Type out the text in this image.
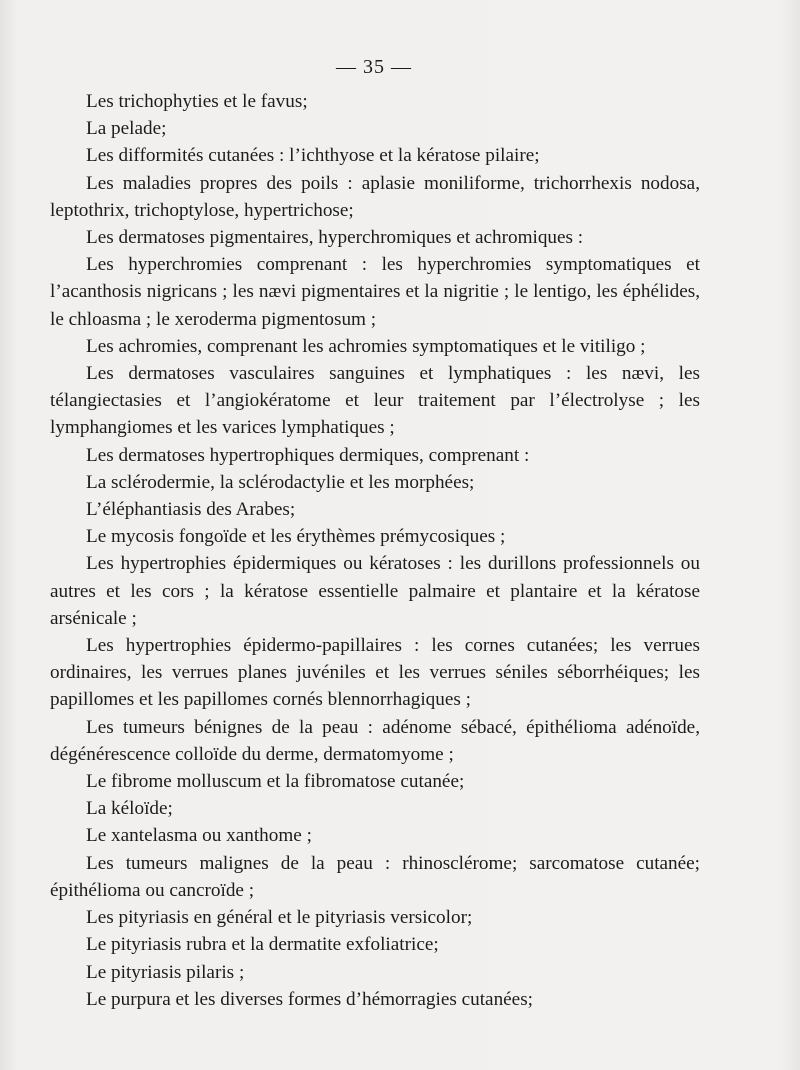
— 35 —

Les trichophyties et le favus;

La pelade;

Les difformités cutanées : l’ichthyose et la kératose pilaire;

Les maladies propres des poils : aplasie moniliforme, trichorrhexis nodosa, leptothrix, trichoptylose, hypertrichose;

Les dermatoses pigmentaires, hyperchromiques et achromiques :

Les hyperchromies comprenant : les hyperchromies symptomatiques et l’acanthosis nigricans ; les nævi pigmentaires et la nigritie ; le lentigo, les éphélides, le chloasma ; le xeroderma pigmentosum ;

Les achromies, comprenant les achromies symptomatiques et le vitiligo ;

Les dermatoses vasculaires sanguines et lymphatiques : les nævi, les télangiectasies et l’angiokératome et leur traitement par l’électrolyse ; les lymphangiomes et les varices lymphatiques ;

Les dermatoses hypertrophiques dermiques, comprenant :

La sclérodermie, la sclérodactylie et les morphées;

L’éléphantiasis des Arabes;

Le mycosis fongoïde et les érythèmes prémycosiques ;

Les hypertrophies épidermiques ou kératoses : les durillons professionnels ou autres et les cors ; la kératose essentielle palmaire et plantaire et la kératose arsénicale ;

Les hypertrophies épidermo-papillaires : les cornes cutanées; les verrues ordinaires, les verrues planes juvéniles et les verrues séniles séborrhéiques; les papillomes et les papillomes cornés blennorrhagiques ;

Les tumeurs bénignes de la peau : adénome sébacé, épithélioma adénoïde, dégénérescence colloïde du derme, dermatomyome ;

Le fibrome molluscum et la fibromatose cutanée;

La kéloïde;

Le xantelasma ou xanthome ;

Les tumeurs malignes de la peau : rhinosclérome; sarcomatose cutanée; épithélioma ou cancroïde ;

Les pityriasis en général et le pityriasis versicolor;

Le pityriasis rubra et la dermatite exfoliatrice;

Le pityriasis pilaris ;

Le purpura et les diverses formes d’hémorragies cutanées;
